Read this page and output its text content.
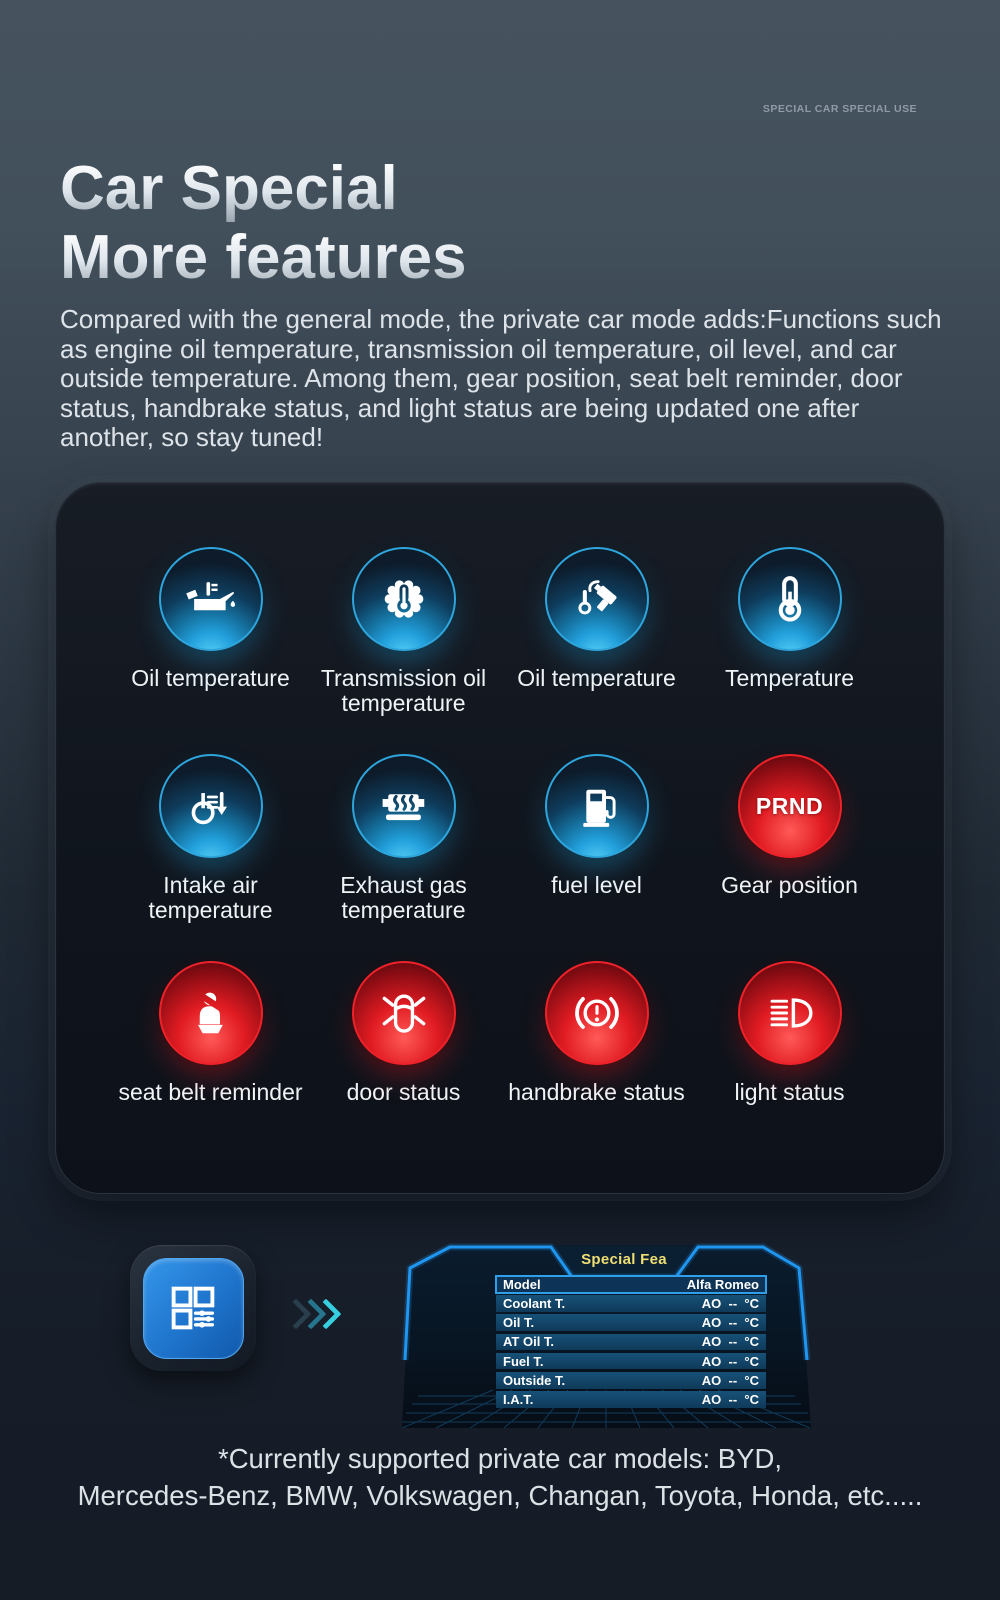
SPECIAL CAR SPECIAL USE
Car Special
More features

Compared with the general mode, the private car mode adds:Functions such as engine oil temperature, transmission oil temperature, oil level, and car outside temperature. Among them, gear position, seat belt reminder, door status, handbrake status, and light status are being updated one after another, so stay tuned!

Oil temperature	Transmission oil temperature
Oil temperature Temperature
Intake air temperature
Exhaust gas temperature
fuel level
PRND
Gear position
seat belt reminder door status handbrake status light status
Special Fea
Model	Alfa Romeo
Coolant T.	AO  --  °C
Oil T.	AO  --  °C
AT Oil T.	AO  --  °C
Fuel T.	AO  --  °C
Outside T.	AO  --  °C
I.A.T.	AO  --  °C
*Currently supported private car models: BYD,
Mercedes-Benz, BMW, Volkswagen, Changan, Toyota, Honda, etc.....
